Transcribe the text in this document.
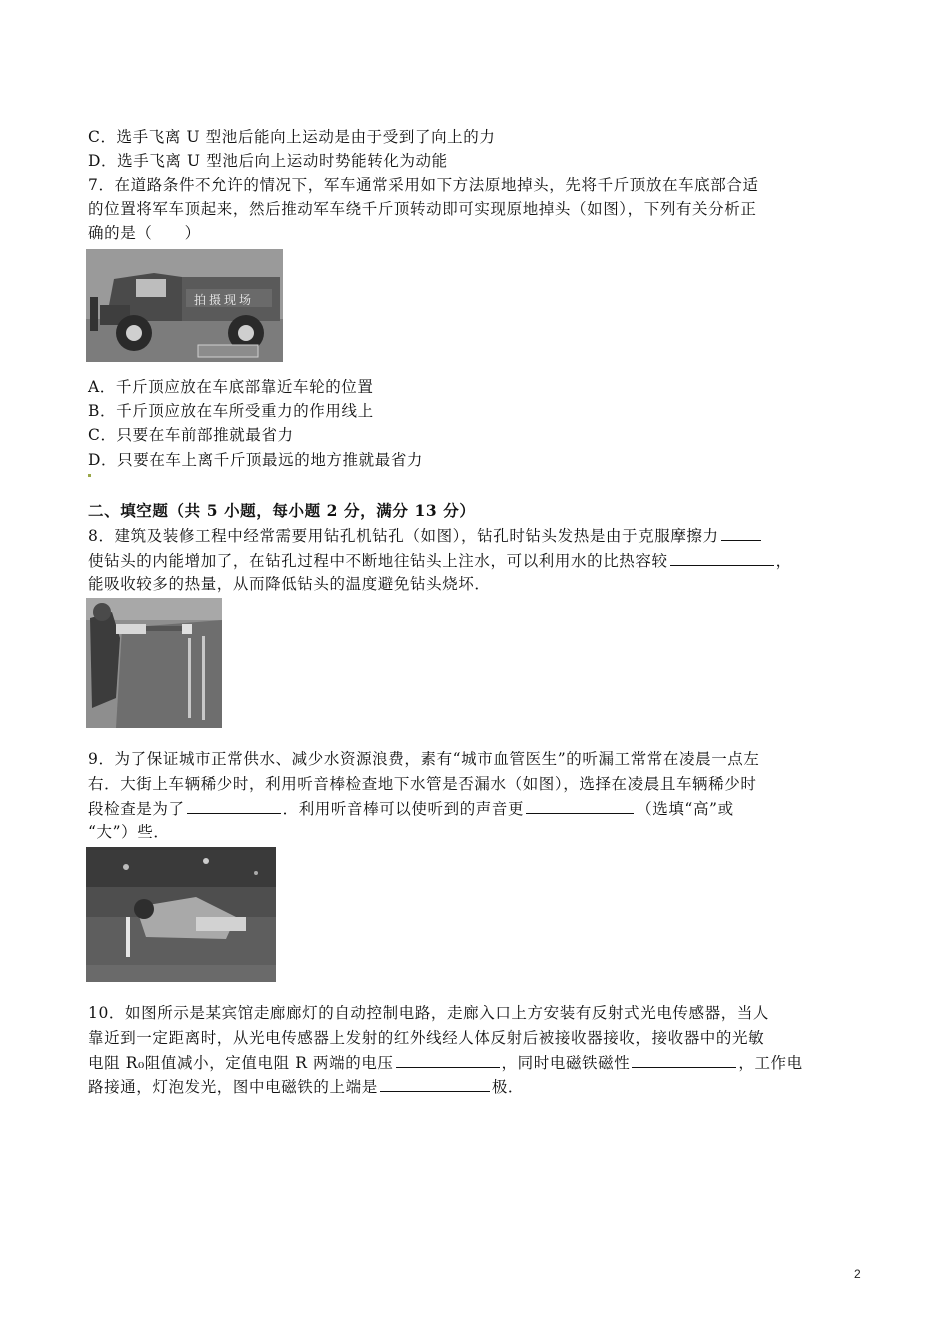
C．选手飞离 U 型池后能向上运动是由于受到了向上的力
D．选手飞离 U 型池后向上运动时势能转化为动能
7．在道路条件不允许的情况下，军车通常采用如下方法原地掉头，先将千斤顶放在车底部合适
的位置将军车顶起来，然后推动军车绕千斤顶转动即可实现原地掉头（如图），下列有关分析正
确的是（　　）
拍摄现场
A．千斤顶应放在车底部靠近车轮的位置
B．千斤顶应放在车所受重力的作用线上
C．只要在车前部推就最省力
D．只要在车上离千斤顶最远的地方推就最省力
二、填空题（共 5 小题，每小题 2 分，满分 13 分）
8．建筑及装修工程中经常需要用钻孔机钻孔（如图），钻孔时钻头发热是由于克服摩擦力
使钻头的内能增加了，在钻孔过程中不断地往钻头上注水，可以利用水的比热容较	，
能吸收较多的热量，从而降低钻头的温度避免钻头烧坏．
9．为了保证城市正常供水、减少水资源浪费，素有“城市血管医生”的听漏工常常在凌晨一点左
右．大街上车辆稀少时，利用听音棒检查地下水管是否漏水（如图），选择在凌晨且车辆稀少时
段检查是为了	．利用听音棒可以使听到的声音更	（选填“高”或
“大”）些．
10．如图所示是某宾馆走廊廊灯的自动控制电路，走廊入口上方安装有反射式光电传感器，当人
靠近到一定距离时，从光电传感器上发射的红外线经人体反射后被接收器接收，接收器中的光敏
电阻 R₀阻值减小，定值电阻 R 两端的电压	，同时电磁铁磁性	，工作电
路接通，灯泡发光，图中电磁铁的上端是	极．
2
